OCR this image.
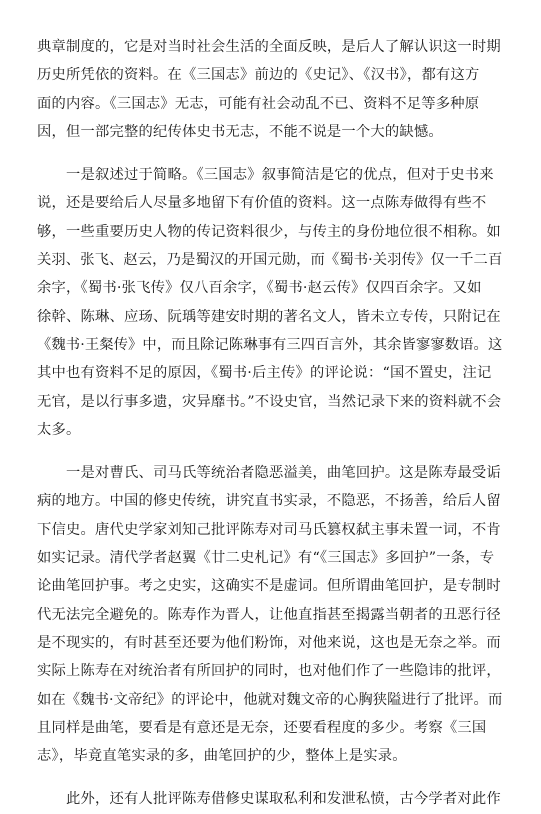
典章制度的，它是对当时社会生活的全面反映，是后人了解认识这一时期
历史所凭依的资料。在《三国志》前边的《史记》、《汉书》，都有这方
面的内容。《三国志》无志，可能有社会动乱不已、资料不足等多种原
因，但一部完整的纪传体史书无志，不能不说是一个大的缺憾。

　　一是叙述过于简略。《三国志》叙事简洁是它的优点，但对于史书来
说，还是要给后人尽量多地留下有价值的资料。这一点陈寿做得有些不
够，一些重要历史人物的传记资料很少，与传主的身份地位很不相称。如
关羽、张飞、赵云，乃是蜀汉的开国元勋，而《蜀书·关羽传》仅一千二百
余字，《蜀书·张飞传》仅八百余字，《蜀书·赵云传》仅四百余字。又如
徐幹、陈琳、应玚、阮瑀等建安时期的著名文人，皆未立专传，只附记在
《魏书·王粲传》中，而且除记陈琳事有三四百言外，其余皆寥寥数语。这
其中也有资料不足的原因，《蜀书·后主传》的评论说：“国不置史，注记
无官，是以行事多遗，灾异靡书。”不设史官，当然记录下来的资料就不会
太多。

　　一是对曹氏、司马氏等统治者隐恶溢美，曲笔回护。这是陈寿最受诟
病的地方。中国的修史传统，讲究直书实录，不隐恶，不扬善，给后人留
下信史。唐代史学家刘知己批评陈寿对司马氏篡权弑主事未置一词，不肯
如实记录。清代学者赵翼《廿二史札记》有“《三国志》多回护”一条，专
论曲笔回护事。考之史实，这确实不是虚词。但所谓曲笔回护，是专制时
代无法完全避免的。陈寿作为晋人，让他直指甚至揭露当朝者的丑恶行径
是不现实的，有时甚至还要为他们粉饰，对他来说，这也是无奈之举。而
实际上陈寿在对统治者有所回护的同时，也对他们作了一些隐讳的批评，
如在《魏书·文帝纪》的评论中，他就对魏文帝的心胸狭隘进行了批评。而
且同样是曲笔，要看是有意还是无奈，还要看程度的多少。考察《三国
志》，毕竟直笔实录的多，曲笔回护的少，整体上是实录。

　　此外，还有人批评陈寿借修史谋取私利和发泄私愤，古今学者对此作
